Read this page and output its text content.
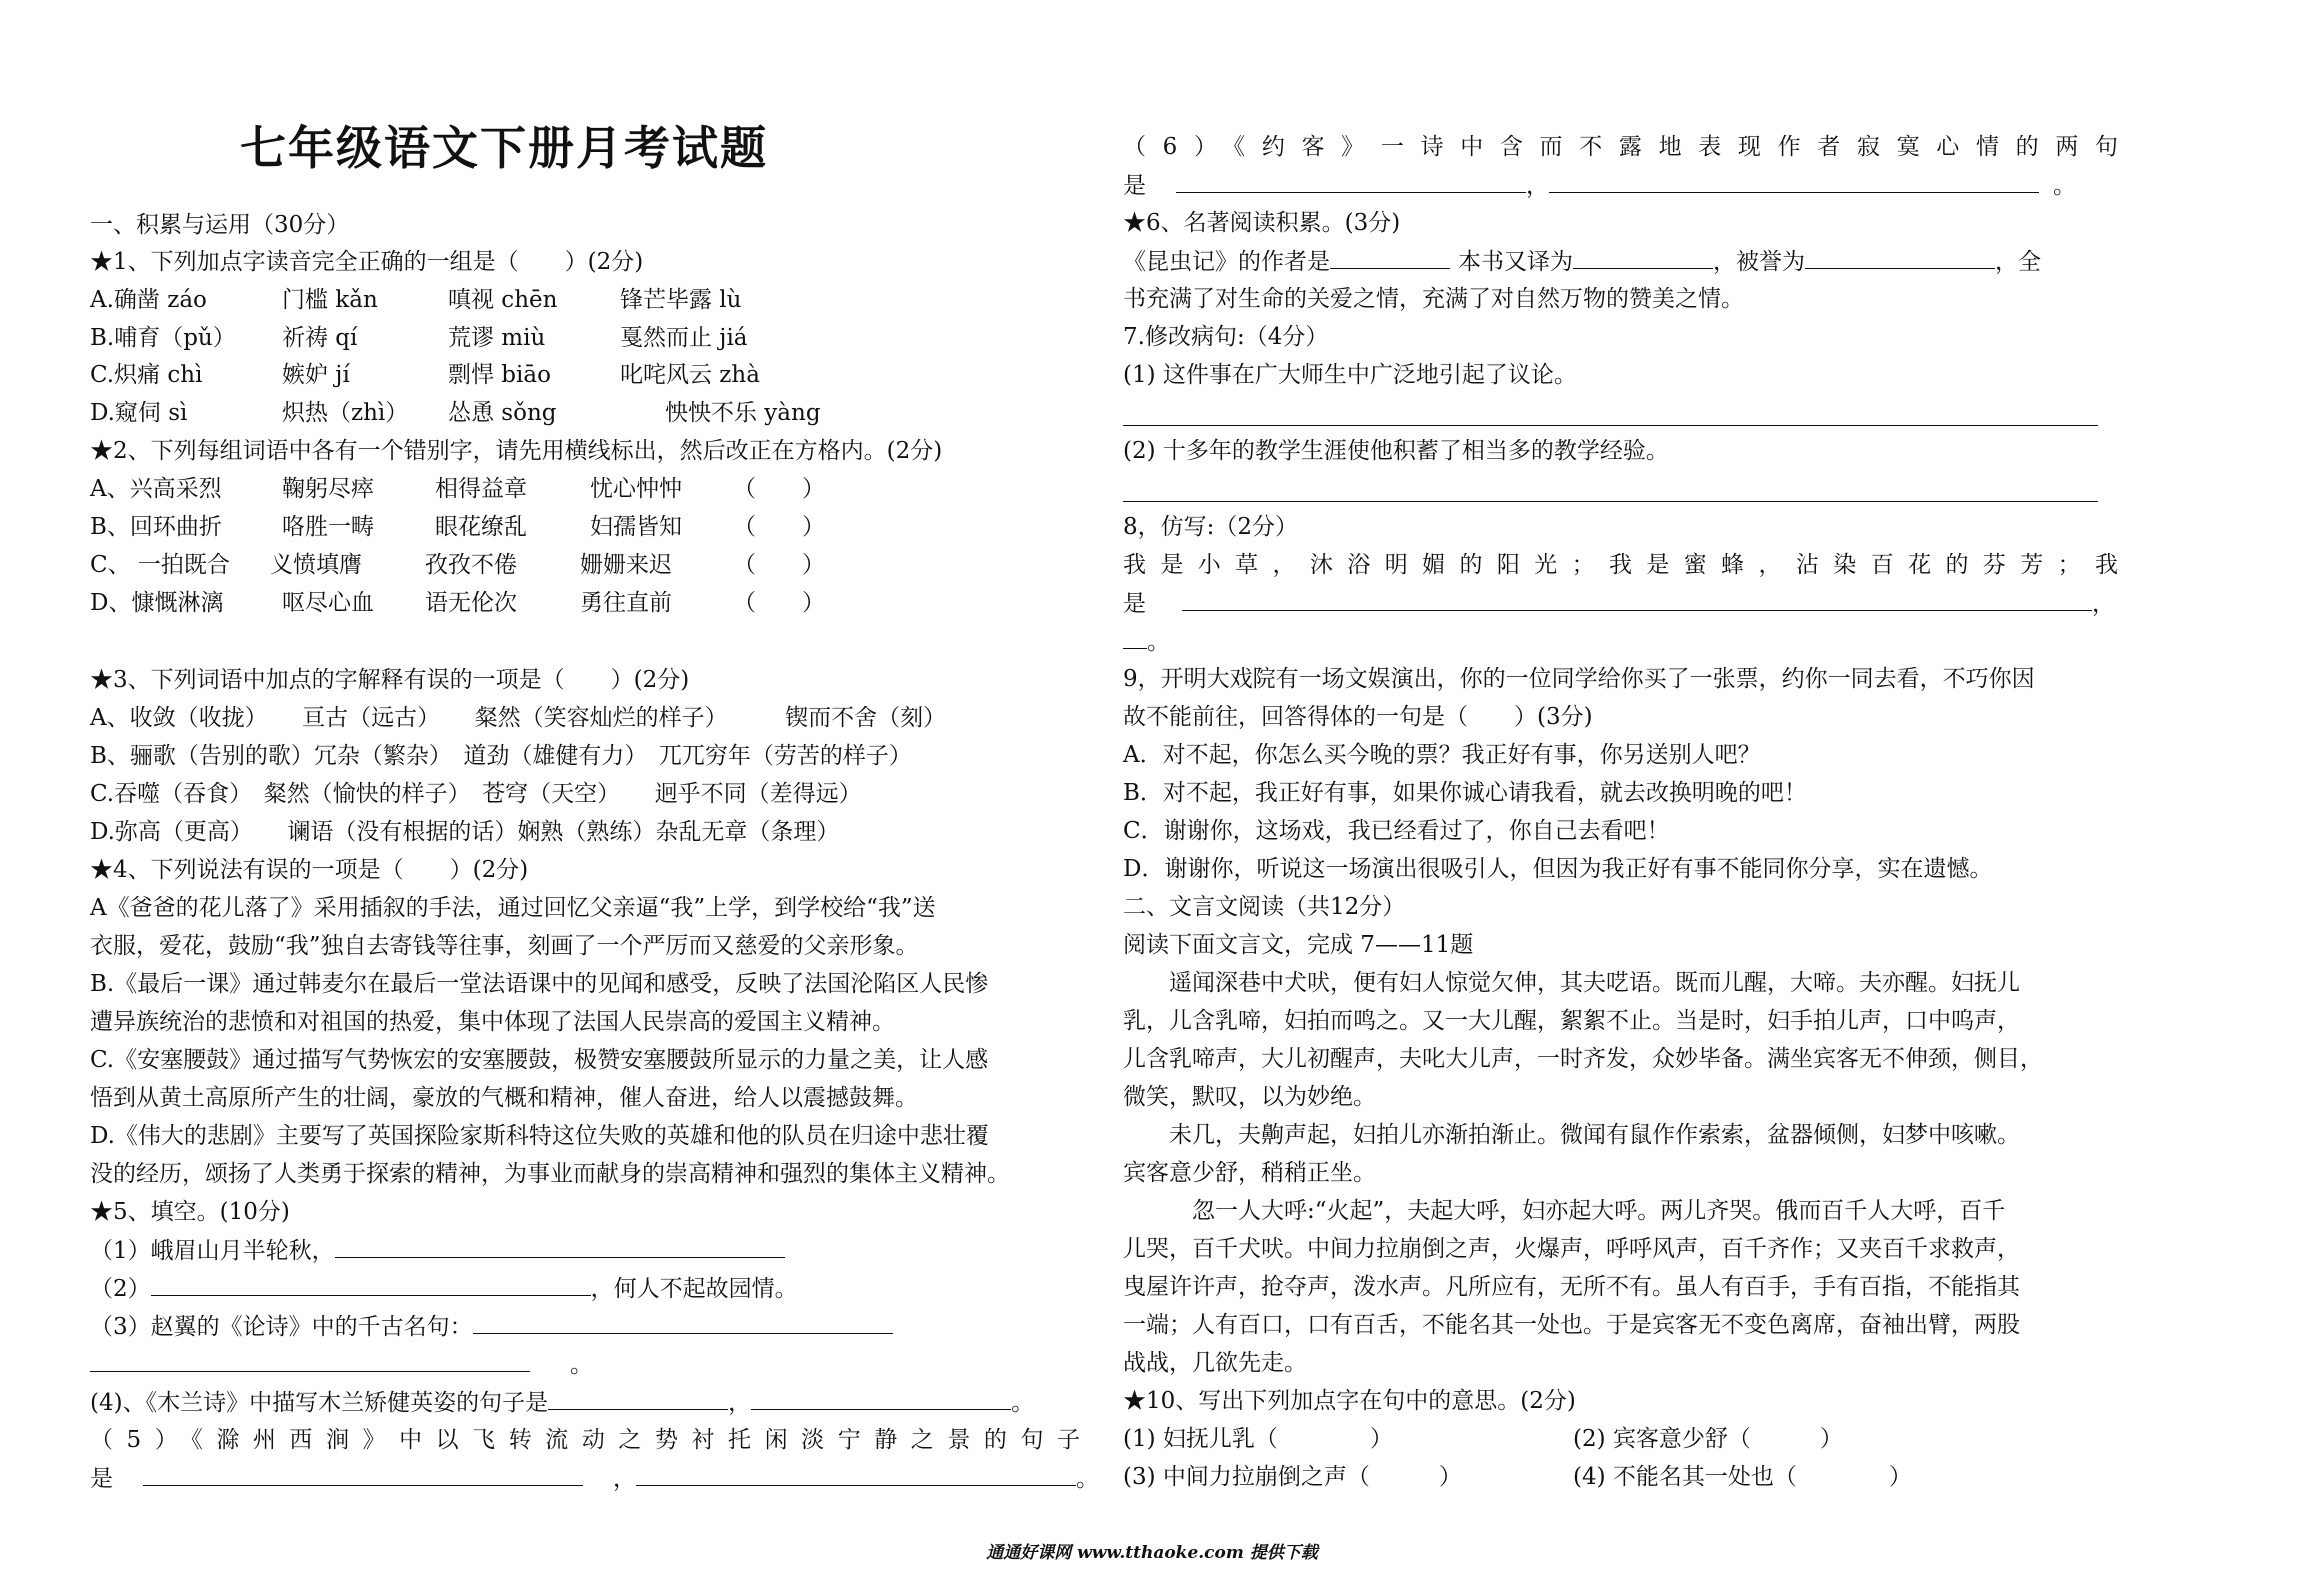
七年级语文下册月考试题
一、积累与运用（30分）
★1、下列加点字读音完全正确的一组是（　　）(2分)
A.确凿 záo	门槛 kǎn	嗔视 chēn	锋芒毕露 lù
B.哺育（pǔ） 祈祷 qí	荒谬 miù	戛然而止 jiá
C.炽痛 chì	嫉妒 jí	剽悍 biāo	叱咤风云 zhà
D.窥伺 sì	炽热（zhì） 怂恿 sǒng	怏怏不乐 yàng
★2、下列每组词语中各有一个错别字，请先用横线标出，然后改正在方格内。(2分)
A、兴高采烈	鞠躬尽瘁	相得益章	忧心忡忡 （　　）
B、回环曲折	咯胜一畴	眼花缭乱	妇孺皆知 （　　）
C、 一拍既合 义愤填膺	孜孜不倦	姗姗来迟	（　　）
D、慷慨淋漓	呕尽心血 语无伦次	勇往直前	（　　）
★3、下列词语中加点的字解释有误的一项是（　　）(2分)
A、收敛（收拢）　　亘古（远古）　　粲然（笑容灿烂的样子）　　　锲而不舍（刻）
B、骊歌（告别的歌）冗杂（繁杂）　道劲（雄健有力）　兀兀穷年（劳苦的样子）
C.吞噬（吞食）　粲然（愉快的样子）　苍穹（天空）　　迥乎不同（差得远）
D.弥高（更高）　　谰语（没有根据的话）娴熟（熟练）杂乱无章（条理）
★4、下列说法有误的一项是（　　）(2分)
A《爸爸的花儿落了》采用插叙的手法，通过回忆父亲逼“我”上学，到学校给“我”送
衣服，爱花，鼓励“我”独自去寄钱等往事，刻画了一个严厉而又慈爱的父亲形象。
B.《最后一课》通过韩麦尔在最后一堂法语课中的见闻和感受，反映了法国沦陷区人民惨
遭异族统治的悲愤和对祖国的热爱，集中体现了法国人民崇高的爱国主义精神。
C.《安塞腰鼓》通过描写气势恢宏的安塞腰鼓，极赞安塞腰鼓所显示的力量之美，让人感
悟到从黄土高原所产生的壮阔，豪放的气概和精神，催人奋进，给人以震撼鼓舞。
D.《伟大的悲剧》主要写了英国探险家斯科特这位失败的英雄和他的队员在归途中悲壮覆
没的经历，颂扬了人类勇于探索的精神，为事业而献身的崇高精神和强烈的集体主义精神。
★5、填空。(10分)
（1）峨眉山月半轮秋，
（2）	，何人不起故园情。
（3）赵翼的《论诗》中的千古名句：
。
(4)、《木兰诗》中描写木兰矫健英姿的句子是	，	。
（5）《滁州西涧》中以飞转流动之势衬托闲淡宁静之景的句子
是	，	。
（6）《约客》一诗中含而不露地表现作者寂寞心情的两句
是	，	。
★6、名著阅读积累。(3分)
《昆虫记》的作者是	本书又译为	，被誉为	，全
书充满了对生命的关爱之情，充满了对自然万物的赞美之情。
7.修改病句:（4分）
(1) 这件事在广大师生中广泛地引起了议论。
(2) 十多年的教学生涯使他积蓄了相当多的教学经验。
8，仿写:（2分）
我是小草，沐浴明媚的阳光；我是蜜蜂，沾染百花的芬芳；我
是	，
。
9，开明大戏院有一场文娱演出，你的一位同学给你买了一张票，约你一同去看，不巧你因
故不能前往，回答得体的一句是（　　）(3分)
A．对不起，你怎么买今晚的票？我正好有事，你另送别人吧？
B．对不起，我正好有事，如果你诚心请我看，就去改换明晚的吧！
C．谢谢你，这场戏，我已经看过了，你自己去看吧！
D．谢谢你，听说这一场演出很吸引人，但因为我正好有事不能同你分享，实在遗憾。
二、文言文阅读（共12分）
阅读下面文言文，完成 7——11题
　　遥闻深巷中犬吠，便有妇人惊觉欠伸，其夫呓语。既而儿醒，大啼。夫亦醒。妇抚儿
乳，儿含乳啼，妇拍而鸣之。又一大儿醒，絮絮不止。当是时，妇手拍儿声，口中呜声，
儿含乳啼声，大儿初醒声，夫叱大儿声，一时齐发，众妙毕备。满坐宾客无不伸颈，侧目，
微笑，默叹，以为妙绝。
　　未几，夫齁声起，妇拍儿亦渐拍渐止。微闻有鼠作作索索，盆器倾侧，妇梦中咳嗽。
宾客意少舒，稍稍正坐。
　　　忽一人大呼:“火起”，夫起大呼，妇亦起大呼。两儿齐哭。俄而百千人大呼，百千
儿哭，百千犬吠。中间力拉崩倒之声，火爆声，呼呼风声，百千齐作；又夹百千求救声，
曳屋许许声，抢夺声，泼水声。凡所应有，无所不有。虽人有百手，手有百指，不能指其
一端；人有百口，口有百舌，不能名其一处也。于是宾客无不变色离席，奋袖出臂，两股
战战，几欲先走。
★10、写出下列加点字在句中的意思。(2分)
(1) 妇抚儿乳（　　　　）	(2) 宾客意少舒（　　　）
(3) 中间力拉崩倒之声（　　　）	(4) 不能名其一处也（　　　　）
通通好课网 www.tthaoke.com 提供下载
